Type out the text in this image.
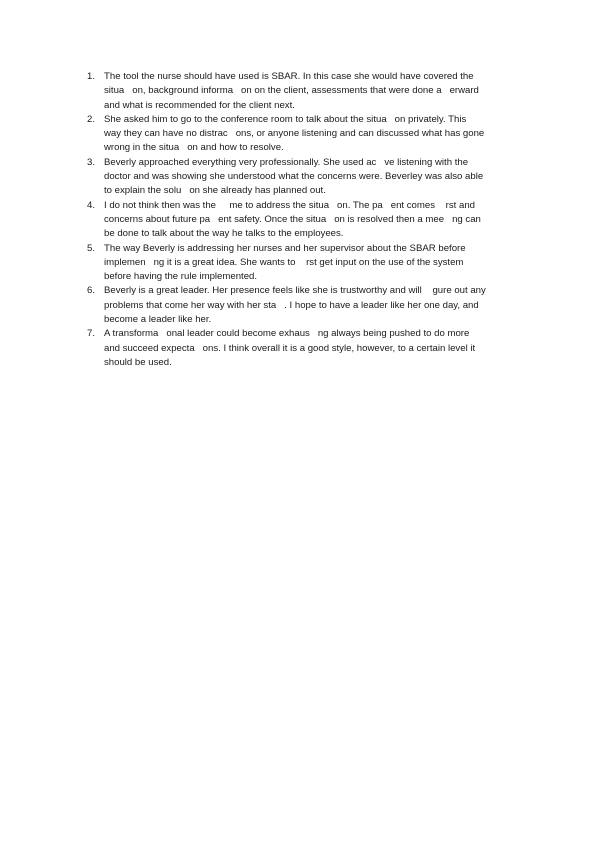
1. The tool the nurse should have used is SBAR. In this case she would have covered the
situa   on, background informa   on on the client, assessments that were done a   erward
and what is recommended for the client next.
2. She asked him to go to the conference room to talk about the situa   on privately. This
way they can have no distrac   ons, or anyone listening and can discussed what has gone
wrong in the situa   on and how to resolve.
3. Beverly approached everything very professionally. She used ac   ve listening with the
doctor and was showing she understood what the concerns were. Beverley was also able
to explain the solu   on she already has planned out.
4. I do not think then was the     me to address the situa   on. The pa   ent comes    rst and
concerns about future pa   ent safety. Once the situa   on is resolved then a mee   ng can
be done to talk about the way he talks to the employees.
5. The way Beverly is addressing her nurses and her supervisor about the SBAR before
implemen   ng it is a great idea. She wants to    rst get input on the use of the system
before having the rule implemented.
6. Beverly is a great leader. Her presence feels like she is trustworthy and will    gure out any
problems that come her way with her sta   . I hope to have a leader like her one day, and
become a leader like her.
7. A transforma   onal leader could become exhaus   ng always being pushed to do more
and succeed expecta   ons. I think overall it is a good style, however, to a certain level it
should be used.
